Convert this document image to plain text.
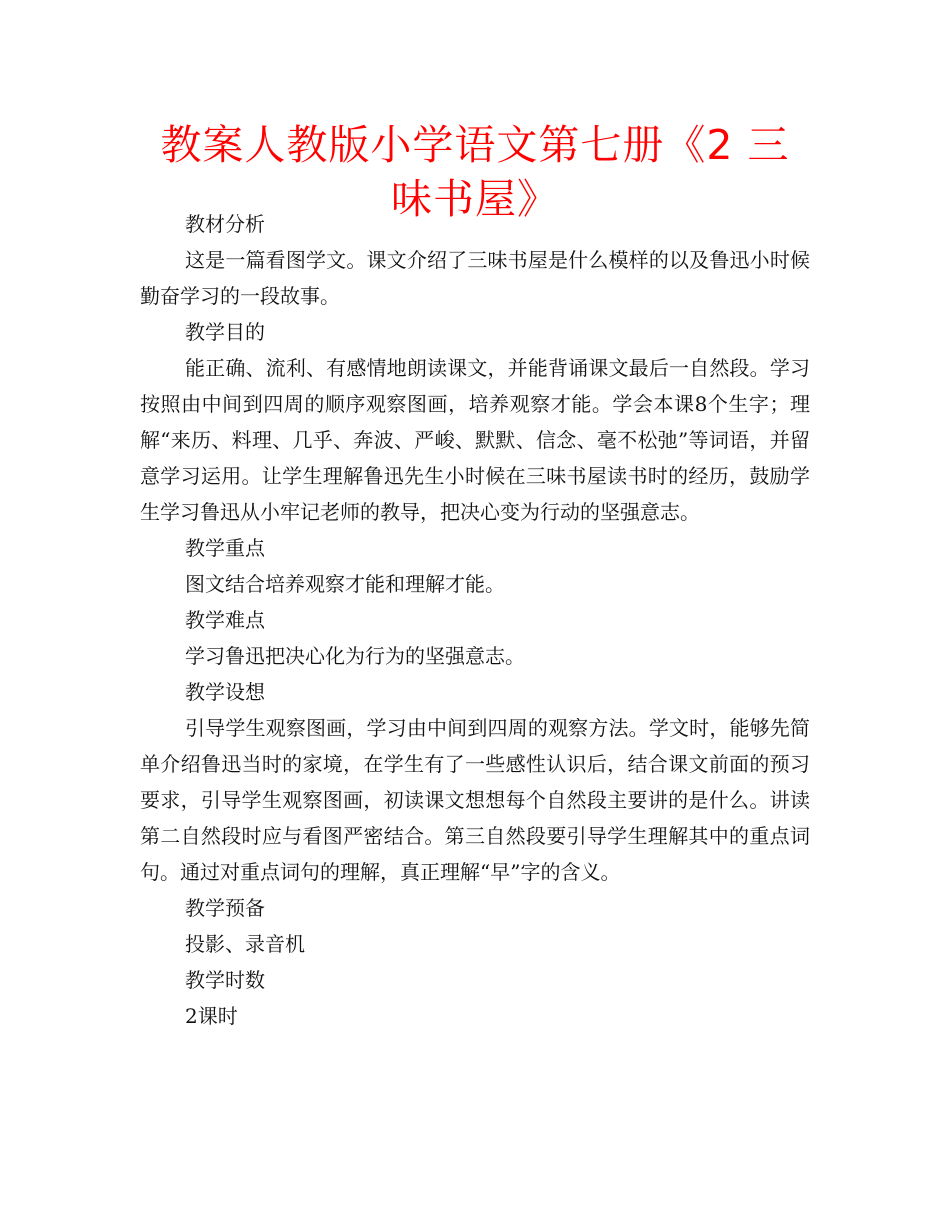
教案人教版小学语文第七册《2 三味书屋》

教材分析

这是一篇看图学文。课文介绍了三味书屋是什么模样的以及鲁迅小时候勤奋学习的一段故事。

教学目的

能正确、流利、有感情地朗读课文，并能背诵课文最后一自然段。学习按照由中间到四周的顺序观察图画，培养观察才能。学会本课8个生字；理解“来历、料理、几乎、奔波、严峻、默默、信念、毫不松弛”等词语，并留意学习运用。让学生理解鲁迅先生小时候在三味书屋读书时的经历，鼓励学生学习鲁迅从小牢记老师的教导，把决心变为行动的坚强意志。

教学重点

图文结合培养观察才能和理解才能。

教学难点

学习鲁迅把决心化为行为的坚强意志。

教学设想

引导学生观察图画，学习由中间到四周的观察方法。学文时，能够先简单介绍鲁迅当时的家境，在学生有了一些感性认识后，结合课文前面的预习要求，引导学生观察图画，初读课文想想每个自然段主要讲的是什么。讲读第二自然段时应与看图严密结合。第三自然段要引导学生理解其中的重点词句。通过对重点词句的理解，真正理解“早”字的含义。

教学预备

投影、录音机

教学时数

2课时
